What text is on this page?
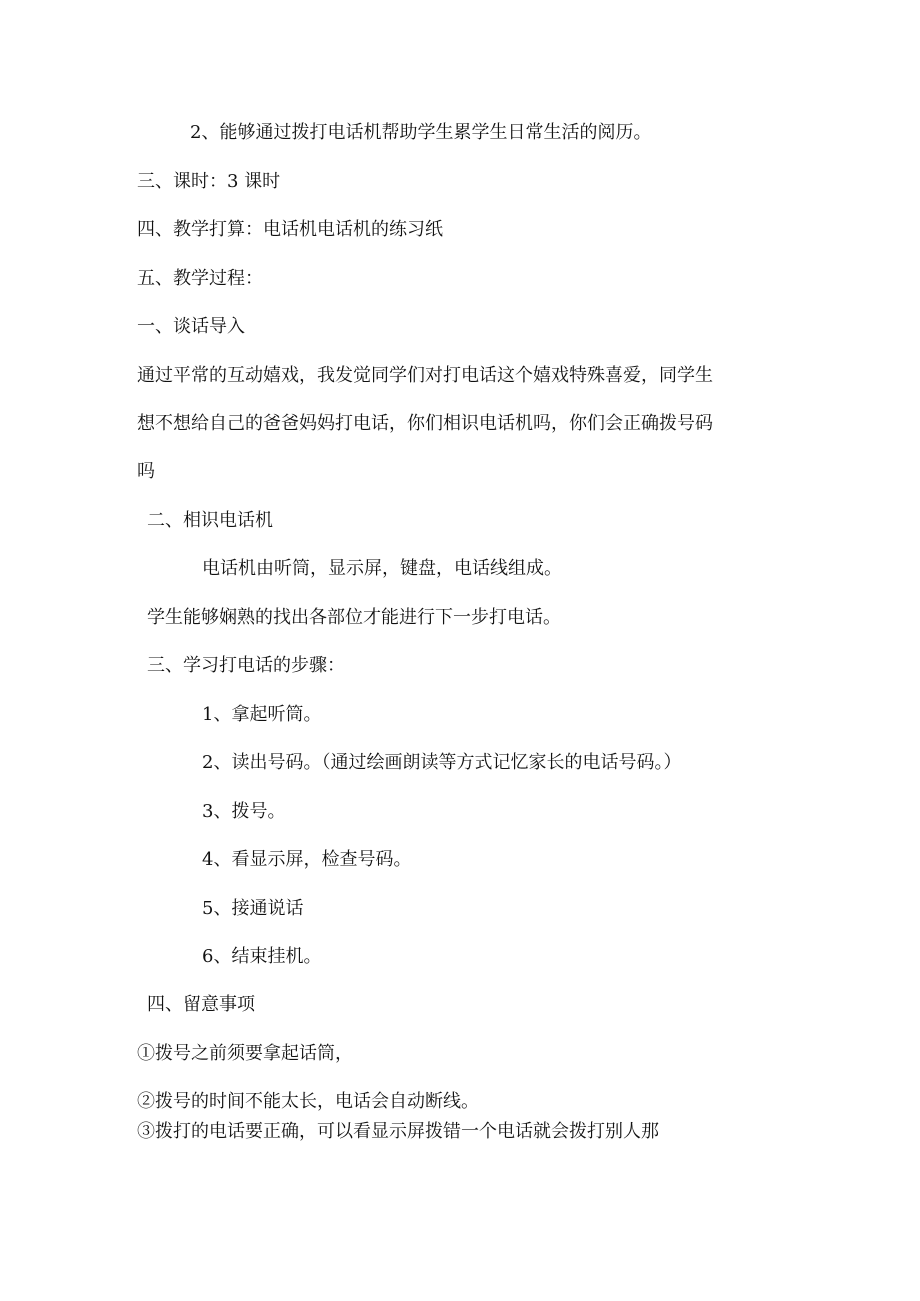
2、能够通过拨打电话机帮助学生累学生日常生活的阅历。
三、课时：3 课时
四、教学打算：电话机电话机的练习纸
五、教学过程：
一、谈话导入
通过平常的互动嬉戏，我发觉同学们对打电话这个嬉戏特殊喜爱，同学生
想不想给自己的爸爸妈妈打电话，你们相识电话机吗，你们会正确拨号码
吗
二、相识电话机
电话机由听筒，显示屏，键盘，电话线组成。
学生能够娴熟的找出各部位才能进行下一步打电话。
三、学习打电话的步骤：
1、拿起听筒。
2、读出号码。（通过绘画朗读等方式记忆家长的电话号码。）
3、拨号。
4、看显示屏，检查号码。
5、接通说话
6、结束挂机。
四、留意事项
①拨号之前须要拿起话筒，
②拨号的时间不能太长，电话会自动断线。
③拨打的电话要正确，可以看显示屏拨错一个电话就会拨打别人那
